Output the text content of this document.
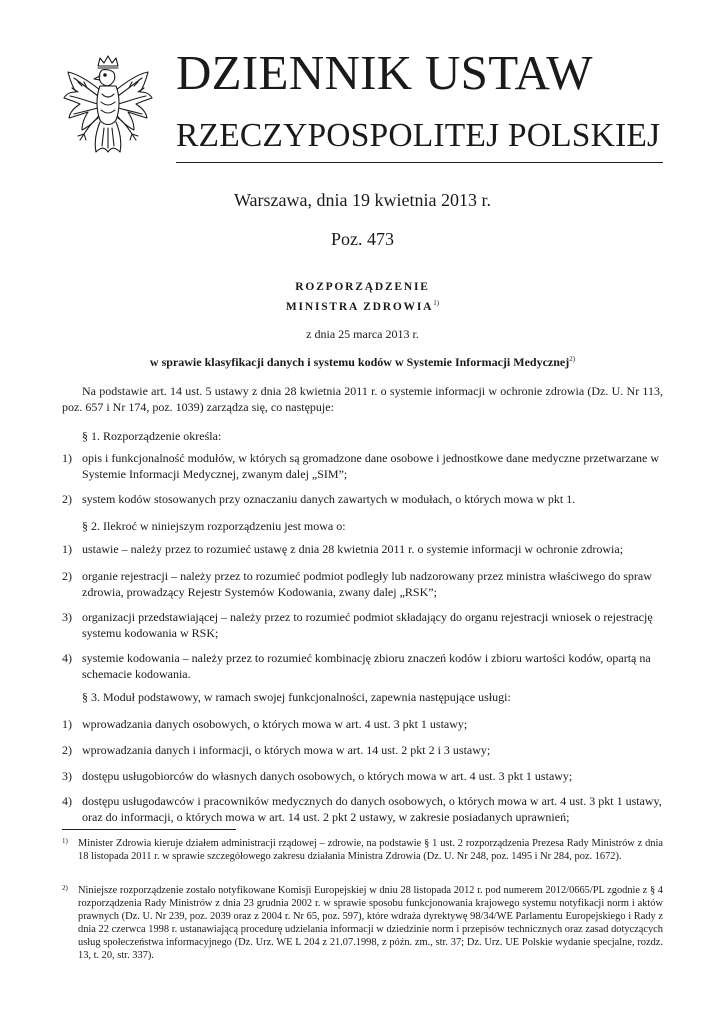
DZIENNIK USTAW
RZECZYPOSPOLITEJ POLSKIEJ
Warszawa, dnia 19 kwietnia 2013 r.
Poz. 473
ROZPORZĄDZENIE
MINISTRA ZDROWIA$^{1)}$
z dnia 25 marca 2013 r.
w sprawie klasyfikacji danych i systemu kodów w Systemie Informacji Medycznej$^{2)}$
Na podstawie art. 14 ust. 5 ustawy z dnia 28 kwietnia 2011 r. o systemie informacji w ochronie zdrowia (Dz. U. Nr 113, poz. 657 i Nr 174, poz. 1039) zarządza się, co następuje:
§ 1. Rozporządzenie określa:
1) opis i funkcjonalność modułów, w których są gromadzone dane osobowe i jednostkowe dane medyczne przetwarzane w Systemie Informacji Medycznej, zwanym dalej „SIM”;
2) system kodów stosowanych przy oznaczaniu danych zawartych w modułach, o których mowa w pkt 1.
§ 2. Ilekroć w niniejszym rozporządzeniu jest mowa o:
1) ustawie – należy przez to rozumieć ustawę z dnia 28 kwietnia 2011 r. o systemie informacji w ochronie zdrowia;
2) organie rejestracji – należy przez to rozumieć podmiot podległy lub nadzorowany przez ministra właściwego do spraw zdrowia, prowadzący Rejestr Systemów Kodowania, zwany dalej „RSK”;
3) organizacji przedstawiającej – należy przez to rozumieć podmiot składający do organu rejestracji wniosek o rejestrację systemu kodowania w RSK;
4) systemie kodowania – należy przez to rozumieć kombinację zbioru znaczeń kodów i zbioru wartości kodów, opartą na schemacie kodowania.
§ 3. Moduł podstawowy, w ramach swojej funkcjonalności, zapewnia następujące usługi:
1) wprowadzania danych osobowych, o których mowa w art. 4 ust. 3 pkt 1 ustawy;
2) wprowadzania danych i informacji, o których mowa w art. 14 ust. 2 pkt 2 i 3 ustawy;
3) dostępu usługobiorców do własnych danych osobowych, o których mowa w art. 4 ust. 3 pkt 1 ustawy;
4) dostępu usługodawców i pracowników medycznych do danych osobowych, o których mowa w art. 4 ust. 3 pkt 1 ustawy, oraz do informacji, o których mowa w art. 14 ust. 2 pkt 2 ustawy, w zakresie posiadanych uprawnień;
1) Minister Zdrowia kieruje działem administracji rządowej – zdrowie, na podstawie § 1 ust. 2 rozporządzenia Prezesa Rady Ministrów z dnia 18 listopada 2011 r. w sprawie szczegółowego zakresu działania Ministra Zdrowia (Dz. U. Nr 248, poz. 1495 i Nr 284, poz. 1672).
2) Niniejsze rozporządzenie zostało notyfikowane Komisji Europejskiej w dniu 28 listopada 2012 r. pod numerem 2012/0665/PL zgodnie z § 4 rozporządzenia Rady Ministrów z dnia 23 grudnia 2002 r. w sprawie sposobu funkcjonowania krajowego systemu notyfikacji norm i aktów prawnych (Dz. U. Nr 239, poz. 2039 oraz z 2004 r. Nr 65, poz. 597), które wdraża dyrektywę 98/34/WE Parlamentu Europejskiego i Rady z dnia 22 czerwca 1998 r. ustanawiającą procedurę udzielania informacji w dziedzinie norm i przepisów technicznych oraz zasad dotyczących usług społeczeństwa informacyjnego (Dz. Urz. WE L 204 z 21.07.1998, z późn. zm., str. 37; Dz. Urz. UE Polskie wydanie specjalne, rozdz. 13, t. 20, str. 337).
